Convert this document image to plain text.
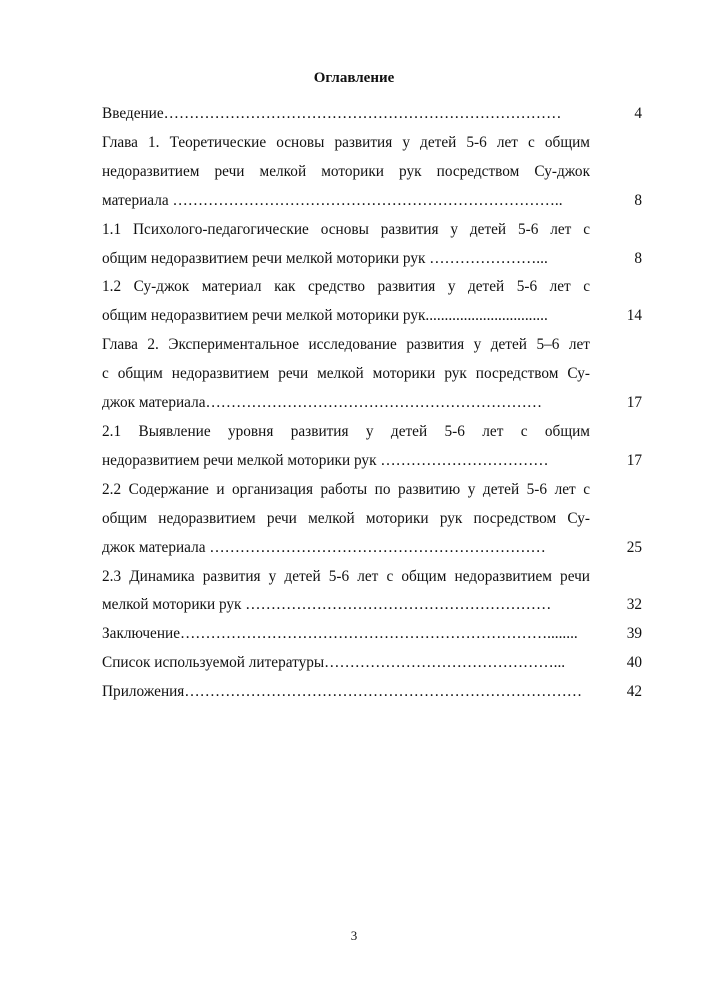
Оглавление
Введение……………………………………………………………………	4
Глава 1. Теоретические основы развития у детей 5-6 лет с общим
недоразвитием речи мелкой моторики рук посредством Су-джок
материала …………………………………………………………………..	8
1.1 Психолого-педагогические основы развития у детей 5-6 лет с
общим недоразвитием речи мелкой моторики рук …………………...	8
1.2 Су-джок материал как средство развития у детей 5-6 лет с
общим недоразвитием речи мелкой моторики рук................................	14
Глава 2. Экспериментальное исследование развития у детей 5–6 лет
с общим недоразвитием речи мелкой моторики рук посредством Су-
джок материала…………………………………………………………	17
2.1 Выявление уровня развития у детей 5-6 лет с общим
недоразвитием речи мелкой моторики рук ……………………………	17
2.2 Содержание и организация работы по развитию у детей 5-6 лет с
общим недоразвитием речи мелкой моторики рук посредством Су-
джок материала …………………………………………………………	25
2.3 Динамика развития у детей 5-6 лет с общим недоразвитием речи
мелкой моторики рук ……………………………………………………	32
Заключение………………………………………………………………........	39
Список используемой литературы………………………………………...	40
Приложения……………………………………………………………………	42
3
